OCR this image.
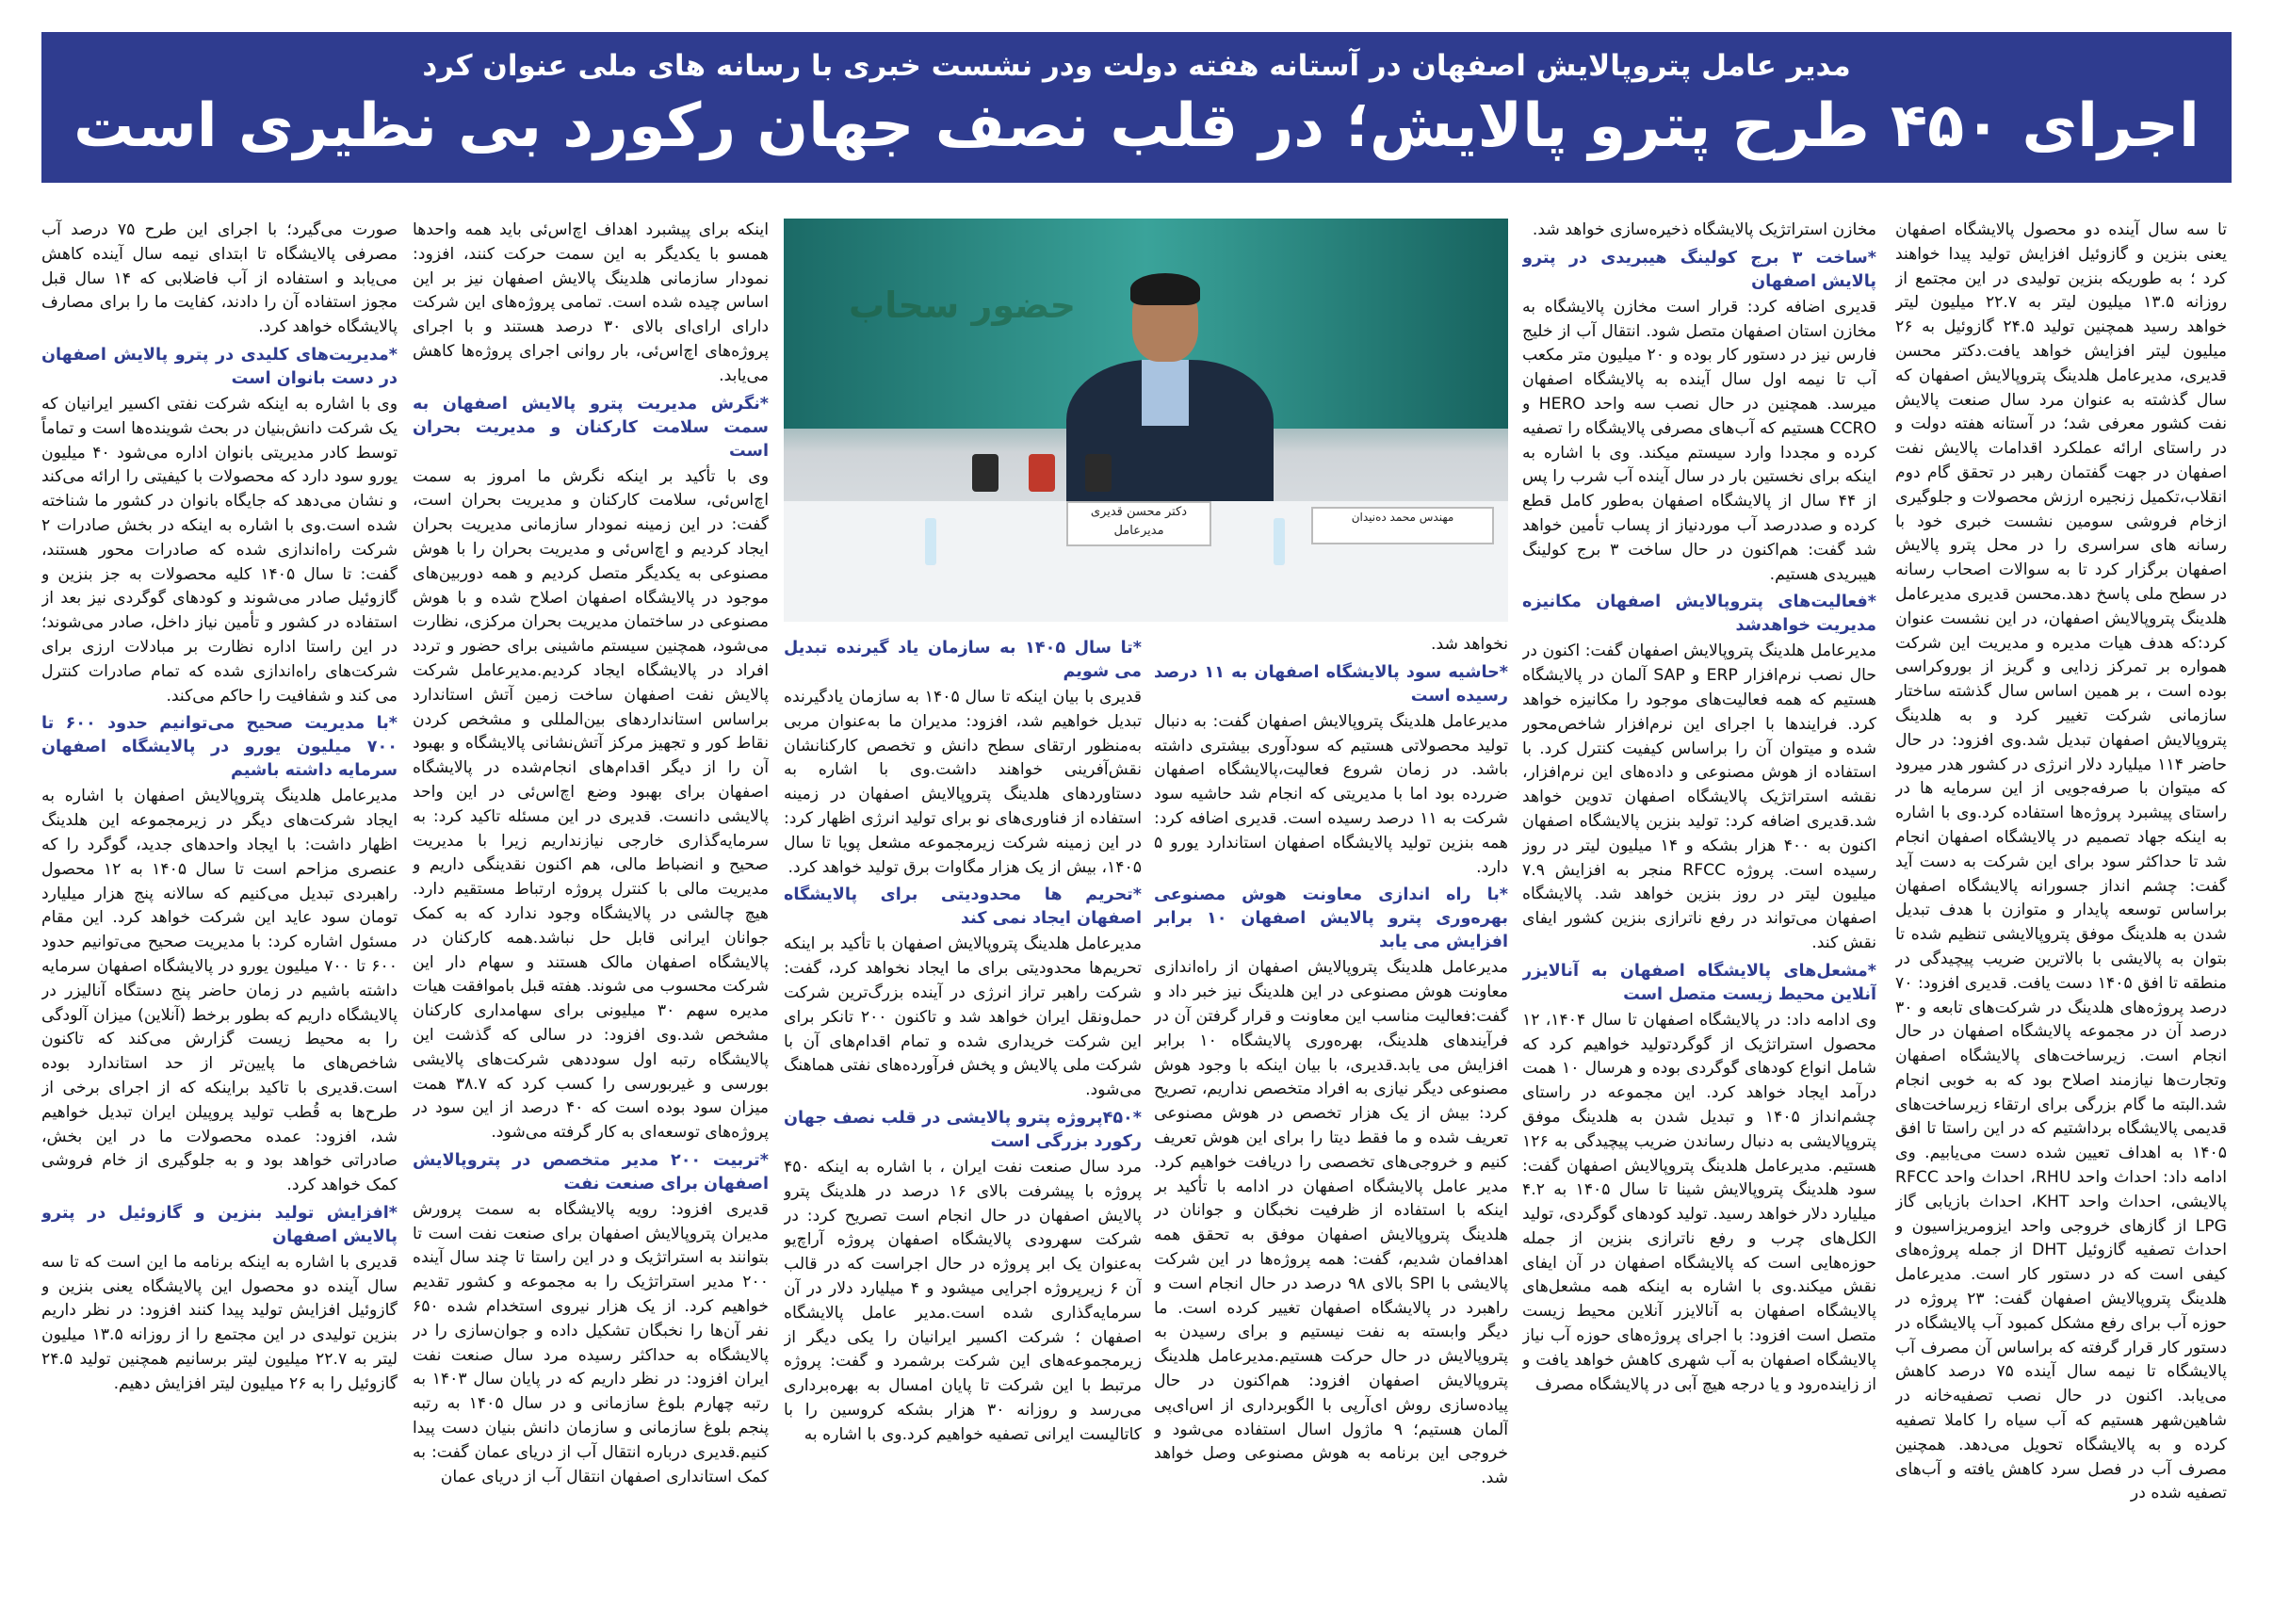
مدیر عامل پتروپالایش اصفهان در آستانه هفته دولت ودر نشست خبری با رسانه های ملی عنوان کرد
اجرای ۴۵۰ طرح پترو پالایش؛ در قلب نصف جهان رکورد بی نظیری است

تا سه سال آینده دو محصول پالایشگاه اصفهان یعنی بنزین و گازوئیل افزایش تولید پیدا خواهند کرد ؛ به طوریکه بنزین تولیدی در این مجتمع از روزانه ۱۳.۵ میلیون لیتر به ۲۲.۷ میلیون لیتر خواهد رسید همچنین تولید ۲۴.۵ گازوئیل به ۲۶ میلیون لیتر افزایش خواهد یافت.دکتر محسن قدیری، مدیرعامل هلدینگ پتروپالایش اصفهان که سال گذشته به عنوان مرد سال صنعت پالایش نفت کشور معرفی شد؛ در آستانه هفته دولت و در راستای ارائه عملکرد اقدامات پالایش نفت اصفهان در جهت گفتمان رهبر در تحقق گام دوم انقلاب،تکمیل زنجیره ارزش محصولات و جلوگیری ازخام فروشی سومین نشست خبری خود با رسانه های سراسری را در محل پترو پالایش اصفهان برگزار کرد تا به سوالات اصحاب رسانه در سطح ملی پاسخ دهد.محسن قدیری مدیرعامل هلدینگ پتروپالایش اصفهان، در این نشست عنوان کرد:که هدف هیات مدیره و مدیریت این شرکت همواره بر تمرکز زدایی و گریز از بوروکراسی بوده است ، بر همین اساس سال گذشته ساختار سازمانی شرکت تغییر کرد و به هلدینگ پتروپالایش اصفهان تبدیل شد.وی افزود: در حال حاضر ۱۱۴ میلیارد دلار انرژی در کشور هدر میرود که میتوان با صرفه‌جویی از این سرمایه ها در راستای پیشبرد پروژه‌ها استفاده کرد.وی با اشاره به اینکه جهاد تصمیم در پالایشگاه اصفهان انجام شد تا حداکثر سود برای این شرکت به دست آید گفت: چشم انداز جسورانه پالایشگاه اصفهان براساس توسعه پایدار و متوازن با هدف تبدیل شدن به هلدینگ موفق پتروپالایشی تنظیم شده تا بتوان به پالایشی با بالاترین ضریب پیچیدگی در منطقه تا افق ۱۴۰۵ دست یافت. قدیری افزود: ۷۰ درصد پروژه‌های هلدینگ در شرکت‌های تابعه و ۳۰ درصد آن در مجموعه پالایشگاه اصفهان در حال انجام است. زیرساخت‌های پالایشگاه اصفهان وتجارت‌ها نیازمند اصلاح بود که به خوبی انجام شد.البته ما گام بزرگی برای ارتقاء زیرساخت‌های قدیمی پالایشگاه برداشتیم که در این راستا تا افق ۱۴۰۵ به اهداف تعیین شده دست می‌یابیم. وی ادامه داد: احداث واحد RHU، احداث واحد RFCC پالایشی، احداث واحد KHT، احداث بازیابی گاز LPG از گازهای خروجی واحد ایزومریزاسیون و احداث تصفیه گازوئیل DHT از جمله پروژه‌های کیفی است که در دستور کار است. مدیرعامل هلدینگ پتروپالایش اصفهان گفت: ۲۳ پروژه در حوزه آب برای رفع مشکل کمبود آب پالایشگاه در دستور کار قرار گرفته که براساس آن مصرف آب پالایشگاه تا نیمه سال آینده ۷۵ درصد کاهش می‌یابد. اکنون در حال نصب تصفیه‌خانه در شاهین‌شهر هستیم که آب سیاه را کاملا تصفیه کرده و به پالایشگاه تحویل می‌دهد. همچنین مصرف آب در فصل سرد کاهش یافته و آب‌های تصفیه شده در

مخازن استراتژیک پالایشگاه ذخیره‌سازی خواهد شد.

*ساخت ۳ برج کولینگ هیبریدی در پترو پالایش اصفهان

قدیری اضافه کرد: قرار است مخازن پالایشگاه به مخازن استان اصفهان متصل شود. انتقال آب از خلیج فارس نیز در دستور کار بوده و ۲۰ میلیون متر مکعب آب تا نیمه اول سال آینده به پالایشگاه اصفهان میرسد. همچنین در حال نصب سه واحد HERO و CCRO هستیم که آب‌های مصرفی پالایشگاه را تصفیه کرده و مجددا وارد سیستم میکند. وی با اشاره به اینکه برای نخستین بار در سال آینده آب شرب را پس از ۴۴ سال از پالایشگاه اصفهان به‌طور کامل قطع کرده و صددرصد آب موردنیاز از پساب تأمین خواهد شد گفت: هم‌اکنون در حال ساخت ۳ برج کولینگ هیبریدی هستیم.

*فعالیت‌های پتروپالایش اصفهان مکانیزه مدیریت خواهدشد

مدیرعامل هلدینگ پتروپالایش اصفهان گفت: اکنون در حال نصب نرم‌افزار ERP و SAP آلمان در پالایشگاه هستیم که همه فعالیت‌های موجود را مکانیزه خواهد کرد. فرایندها با اجرای این نرم‌افزار شاخص‌محور شده و میتوان آن را براساس کیفیت کنترل کرد. با استفاده از هوش مصنوعی و داده‌های این نرم‌افزار، نقشه استراتژیک پالایشگاه اصفهان تدوین خواهد شد.قدیری اضافه کرد: تولید بنزین پالایشگاه اصفهان اکنون به ۴۰۰ هزار بشکه و ۱۴ میلیون لیتر در روز رسیده است. پروژه RFCC منجر به افزایش ۷.۹ میلیون لیتر در روز بنزین خواهد شد. پالایشگاه اصفهان می‌تواند در رفع ناترازی بنزین کشور ایفای نقش کند.

*مشعل‌های پالایشگاه اصفهان به آنالایزر آنلاین محیط زیست متصل است

وی ادامه داد: در پالایشگاه اصفهان تا سال ۱۴۰۴، ۱۲ محصول استراتژیک از گوگردتولید خواهیم کرد که شامل انواع کودهای گوگردی بوده و هرسال ۱۰ همت درآمد ایجاد خواهد کرد. این مجموعه در راستای چشم‌انداز ۱۴۰۵ و تبدیل شدن به هلدینگ موفق پتروپالایشی به دنبال رساندن ضریب پیچیدگی به ۱۲۶ هستیم. مدیرعامل هلدینگ پتروپالایش اصفهان گفت: سود هلدینگ پتروپالایش شینا تا سال ۱۴۰۵ به ۴.۲ میلیارد دلار خواهد رسید. تولید کودهای گوگردی، تولید الکل‌های چرب و رفع ناترازی بنزین از جمله حوزه‌هایی است که پالایشگاه اصفهان در آن ایفای نقش میکند.وی با اشاره به اینکه همه مشعل‌های پالایشگاه اصفهان به آنالایزر آنلاین محیط زیست متصل است افزود: با اجرای پروژه‌های حوزه آب نیاز پالایشگاه اصفهان به آب شهری کاهش خواهد یافت و از زاینده‌رود و یا درجه هیچ آبی در پالایشگاه مصرف

نخواهد شد.

*حاشیه سود پالایشگاه اصفهان به ۱۱ درصد رسیده است

مدیرعامل هلدینگ پتروپالایش اصفهان گفت: به دنبال تولید محصولاتی هستیم که سودآوری بیشتری داشته باشد. در زمان شروع فعالیت،پالایشگاه اصفهان ضررده بود اما با مدیریتی که انجام شد حاشیه سود شرکت به ۱۱ درصد رسیده است. قدیری اضافه کرد: همه بنزین تولید پالایشگاه اصفهان استاندارد یورو ۵ دارد.

*با راه اندازی معاونت هوش مصنوعی بهره‌وری پترو پالایش اصفهان ۱۰ برابر افزایش می یابد

مدیرعامل هلدینگ پتروپالایش اصفهان از راه‌اندازی معاونت هوش مصنوعی در این هلدینگ نیز خبر داد و گفت:فعالیت مناسب این معاونت و قرار گرفتن آن در فرآیندهای هلدینگ، بهره‌وری پالایشگاه ۱۰ برابر افزایش می یابد.قدیری، با بیان اینکه با وجود هوش مصنوعی دیگر نیازی به افراد متخصص نداریم، تصریح کرد: بیش از یک هزار تخصص در هوش مصنوعی تعریف شده و ما فقط دیتا را برای این هوش تعریف کنیم و خروجی‌های تخصصی را دریافت خواهیم کرد. مدیر عامل پالایشگاه اصفهان در ادامه با تأکید بر اینکه با استفاده از ظرفیت نخبگان و جوانان در هلدینگ پتروپالایش اصفهان موفق به تحقق همه اهدافمان شدیم، گفت: همه پروژه‌ها در این شرکت پالایشی با SPI بالای ۹۸ درصد در حال انجام است و راهبرد در پالایشگاه اصفهان تغییر کرده است. ما دیگر وابسته به نفت نیستیم و برای رسیدن به پتروپالایش در حال حرکت هستیم.مدیرعامل هلدینگ پتروپالایش اصفهان افزود: هم‌اکنون در حال پیاده‌سازی روش ای‌آرپی با الگوبرداری از اس‌ای‌پی آلمان هستیم؛ ۹ ماژول اسال استفاده می‌شود و خروجی این برنامه به هوش مصنوعی وصل خواهد شد.

*تا سال ۱۴۰۵ به سازمان یاد گیرنده تبدیل می شویم

قدیری با بیان اینکه تا سال ۱۴۰۵ به سازمان یادگیرنده تبدیل خواهیم شد، افزود: مدیران ما به‌عنوان مربی به‌منظور ارتقای سطح دانش و تخصص کارکنانشان نقش‌آفرینی خواهند داشت.وی با اشاره به دستاوردهای هلدینگ پتروپالایش اصفهان در زمینه استفاده از فناوری‌های نو برای تولید انرژی اظهار کرد: در این زمینه شرکت زیرمجموعه مشعل پویا تا سال ۱۴۰۵، بیش از یک هزار مگاوات برق تولید خواهد کرد.

*تحریم ها محدودیتی برای پالایشگاه اصفهان ایجاد نمی کند

مدیرعامل هلدینگ پتروپالایش اصفهان با تأکید بر اینکه تحریم‌ها محدودیتی برای ما ایجاد نخواهد کرد، گفت: شرکت راهبر تراز انرژی در آینده بزرگ‌ترین شرکت حمل‌ونقل ایران خواهد شد و تاکنون ۲۰۰ تانکر برای این شرکت خریداری شده و تمام اقدام‌های آن با شرکت ملی پالایش و پخش فرآورده‌های نفتی هماهنگ می‌شود.

*۴۵۰پروژه پترو پالایشی در قلب نصف جهان رکورد بزرگی است

مرد سال صنعت نفت ایران ، با اشاره به اینکه ۴۵۰ پروژه با پیشرفت بالای ۱۶ درصد در هلدینگ پترو پالایش اصفهان در حال انجام است تصریح کرد: در شرکت سهرودی پالایشگاه اصفهان پروژه آراچ‌یو به‌عنوان یک ابر پروژه در حال اجراست که در قالب آن ۶ زیرپروژه اجرایی میشود و ۴ میلیارد دلار در آن سرمایه‌گذاری شده است.مدیر عامل پالایشگاه اصفهان ؛ شرکت اکسیر ایرانیان را یکی دیگر از زیرمجموعه‌های این شرکت برشمرد و گفت: پروژه مرتبط با این شرکت تا پایان امسال به بهره‌برداری می‌رسد و روزانه ۳۰ هزار بشکه کروسین را با کاتالیست ایرانی تصفیه خواهیم کرد.وی با اشاره به

اینکه برای پیشبرد اهداف اچ‌اس‌ئی باید همه واحدها همسو با یکدیگر به این سمت حرکت کنند، افزود: نمودار سازمانی هلدینگ پالایش اصفهان نیز بر این اساس چیده شده است. تمامی پروژه‌های این شرکت دارای ارای‌ای بالای ۳۰ درصد هستند و با اجرای پروژه‌های اچ‌اس‌ئی، بار روانی اجرای پروژه‌ها کاهش می‌یابد.

*نگرش مدیریت پترو پالایش اصفهان به سمت سلامت کارکنان و مدیریت بحران است

وی با تأکید بر اینکه نگرش ما امروز به سمت اچ‌اس‌ئی، سلامت کارکنان و مدیریت بحران است، گفت: در این زمینه نمودار سازمانی مدیریت بحران ایجاد کردیم و اچ‌اس‌ئی و مدیریت بحران را با هوش مصنوعی به یکدیگر متصل کردیم و همه دوربین‌های موجود در پالایشگاه اصفهان اصلاح شده و با هوش مصنوعی در ساختمان مدیریت بحران مرکزی، نظارت می‌شود، همچنین سیستم ماشینی برای حضور و تردد افراد در پالایشگاه ایجاد کردیم.مدیرعامل شرکت پالایش نفت اصفهان ساخت زمین آتش استاندارد براساس استانداردهای بین‌المللی و مشخص کردن نقاط کور و تجهیز مرکز آتش‌نشانی پالایشگاه و بهبود آن را از دیگر اقدام‌های انجام‌شده در پالایشگاه اصفهان برای بهبود وضع اچ‌اس‌ئی در این واحد پالایشی دانست. قدیری در این مسئله تاکید کرد: به سرمایه‌گذاری خارجی نیازنداریم زیرا با مدیریت صحیح و انضباط مالی، هم اکنون نقدینگی داریم و مدیریت مالی با کنترل پروژه ارتباط مستقیم دارد. هیچ چالشی در پالایشگاه وجود ندارد که به کمک جوانان ایرانی قابل حل نباشد.همه کارکنان در پالایشگاه اصفهان مالک هستند و سهام دار این شرکت محسوب می شوند. هفته قبل باموافقت هیات مدیره سهم ۳۰ میلیونی برای سهامداری کارکنان مشخص شد.وی افزود: در سالی که گذشت این پالایشگاه رتبه اول سوددهی شرکت‌های پالایشی بورسی و غیربورسی را کسب کرد که ۳۸.۷ همت میزان سود بوده است که ۴۰ درصد از این سود در پروژه‌های توسعه‌ای به کار گرفته می‌شود.

*تربیت ۲۰۰ مدیر متخصص در پتروپالایش اصفهان برای صنعت نفت

قدیری افزود: رویه پالایشگاه به سمت پرورش مدیران پتروپالایش اصفهان برای صنعت نفت است تا بتوانند به استراتژیک و در این راستا تا چند سال آینده ۲۰۰ مدیر استراتژیک را به مجموعه و کشور تقدیم خواهیم کرد. از یک هزار نیروی استخدام شده ۶۵۰ نفر آن‌ها را نخبگان تشکیل داده و جوان‌سازی را در پالایشگاه به حداکثر رسیده مرد سال صنعت نفت ایران افزود: در نظر داریم که در پایان سال ۱۴۰۳ به رتبه چهارم بلوغ سازمانی و در سال ۱۴۰۵ به رتبه پنجم بلوغ سازمانی و سازمان دانش بنیان دست پیدا کنیم.قدیری درباره انتقال آب از دریای عمان گفت: به کمک استانداری اصفهان انتقال آب از دریای عمان

صورت می‌گیرد؛ با اجرای این طرح ۷۵ درصد آب مصرفی پالایشگاه تا ابتدای نیمه سال آینده کاهش می‌یابد و استفاده از آب فاضلابی که ۱۴ سال قبل مجوز استفاده آن را دادند، کفایت ما را برای مصارف پالایشگاه خواهد کرد.

*مدیریت‌های کلیدی در پترو پالایش اصفهان در دست بانوان است

وی با اشاره به اینکه شرکت نفتی اکسیر ایرانیان که یک شرکت دانش‌بنیان در بحث شوینده‌ها است و تماماً توسط کادر مدیریتی بانوان اداره می‌شود ۴۰ میلیون یورو سود دارد که محصولات با کیفیتی را ارائه می‌کند و نشان می‌دهد که جایگاه بانوان در کشور ما شناخته شده است.وی با اشاره به اینکه در بخش صادرات ۲ شرکت راه‌اندازی شده که صادرات محور هستند، گفت: تا سال ۱۴۰۵ کلیه محصولات به جز بنزین و گازوئیل صادر می‌شوند و کودهای گوگردی نیز بعد از استفاده در کشور و تأمین نیاز داخل، صادر می‌شوند؛ در این راستا اداره نظارت بر مبادلات ارزی برای شرکت‌های راه‌اندازی شده که تمام صادرات کنترل می کند و شفافیت را حاکم می‌کند.

*با مدیریت صحیح می‌توانیم حدود ۶۰۰ تا ۷۰۰ میلیون یورو در پالایشگاه اصفهان سرمایه داشته باشیم

مدیرعامل هلدینگ پتروپالایش اصفهان با اشاره به ایجاد شرکت‌های دیگر در زیرمجموعه این هلدینگ اظهار داشت: با ایجاد واحدهای جدید، گوگرد را که عنصری مزاحم است تا سال ۱۴۰۵ به ۱۲ محصول راهبردی تبدیل می‌کنیم که سالانه پنج هزار میلیارد تومان سود عاید این شرکت خواهد کرد. این مقام مسئول اشاره کرد: با مدیریت صحیح می‌توانیم حدود ۶۰۰ تا ۷۰۰ میلیون یورو در پالایشگاه اصفهان سرمایه داشته باشیم در زمان حاضر پنج دستگاه آنالیزر در پالایشگاه داریم که بطور برخط (آنلاین) میزان آلودگی را به محیط زیست گزارش می‌کند که تاکنون شاخص‌های ما پایین‌تر از حد استاندارد بوده است.قدیری با تاکید براینکه که از اجرای برخی از طرح‌ها به قُطب تولید پروپیلن ایران تبدیل خواهیم شد، افزود: عمده محصولات ما در این بخش، صادراتی خواهد بود و به جلوگیری از خام فروشی کمک خواهد کرد.

*افزایش تولید بنزین و گازوئیل در پترو پالایش اصفهان

قدیری با اشاره به اینکه برنامه ما این است که تا سه سال آینده دو محصول این پالایشگاه یعنی بنزین و گازوئیل افزایش تولید پیدا کنند افزود: در نظر داریم بنزین تولیدی در این مجتمع را از روزانه ۱۳.۵ میلیون لیتر به ۲۲.۷ میلیون لیتر برسانیم همچنین تولید ۲۴.۵ گازوئیل را به ۲۶ میلیون لیتر افزایش دهیم.

حضور سحاب
دکتر محسن قدیری
مدیرعامل
مهندس محمد ده‌نیدان
